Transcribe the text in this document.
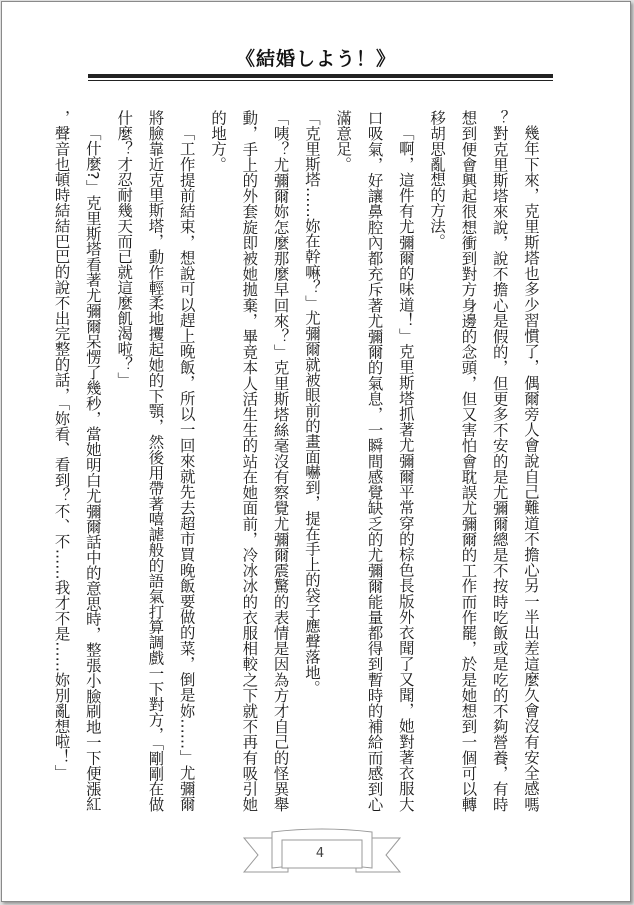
《結婚しよう！》

幾年下來，克里斯塔也多少習慣了，偶爾旁人會說自己難道不擔心另一半出差這麼久會沒有安全感嗎？對克里斯塔來說，說不擔心是假的，但更多不安的是尤彌爾總是不按時吃飯或是吃的不夠營養，有時想到便會興起很想衝到對方身邊的念頭，但又害怕會耽誤尤彌爾的工作而作罷，於是她想到一個可以轉移胡思亂想的方法。

「啊，這件有尤彌爾的味道！」克里斯塔抓著尤彌爾平常穿的棕色長版外衣聞了又聞，她對著衣服大口吸氣，好讓鼻腔內都充斥著尤彌爾的氣息，一瞬間感覺缺乏的尤彌爾能量都得到暫時的補給而感到心滿意足。

「克里斯塔……妳在幹嘛？」尤彌爾就被眼前的畫面嚇到，提在手上的袋子應聲落地。

「咦？尤彌爾妳怎麼那麼早回來？」克里斯塔絲毫沒有察覺尤彌爾震驚的表情是因為方才自己的怪異舉動，手上的外套旋即被她拋棄，畢竟本人活生生的站在她面前，冷冰冰的衣服相較之下就不再有吸引她的地方。

「工作提前結束，想說可以趕上晚飯，所以一回來就先去超市買晚飯要做的菜，倒是妳……」尤彌爾將臉靠近克里斯塔，動作輕柔地攫起她的下顎，然後用帶著嘻謔般的語氣打算調戲一下對方，「剛剛在做什麼？才忍耐幾天而已就這麼飢渴啦？」

「什麼?」克里斯塔看著尤彌爾呆愣了幾秒，當她明白尤彌爾話中的意思時，整張小臉刷地一下便漲紅，聲音也頓時結結巴巴的說不出完整的話，「妳看、看到？不、不……我才不是……妳別亂想啦！」

4
